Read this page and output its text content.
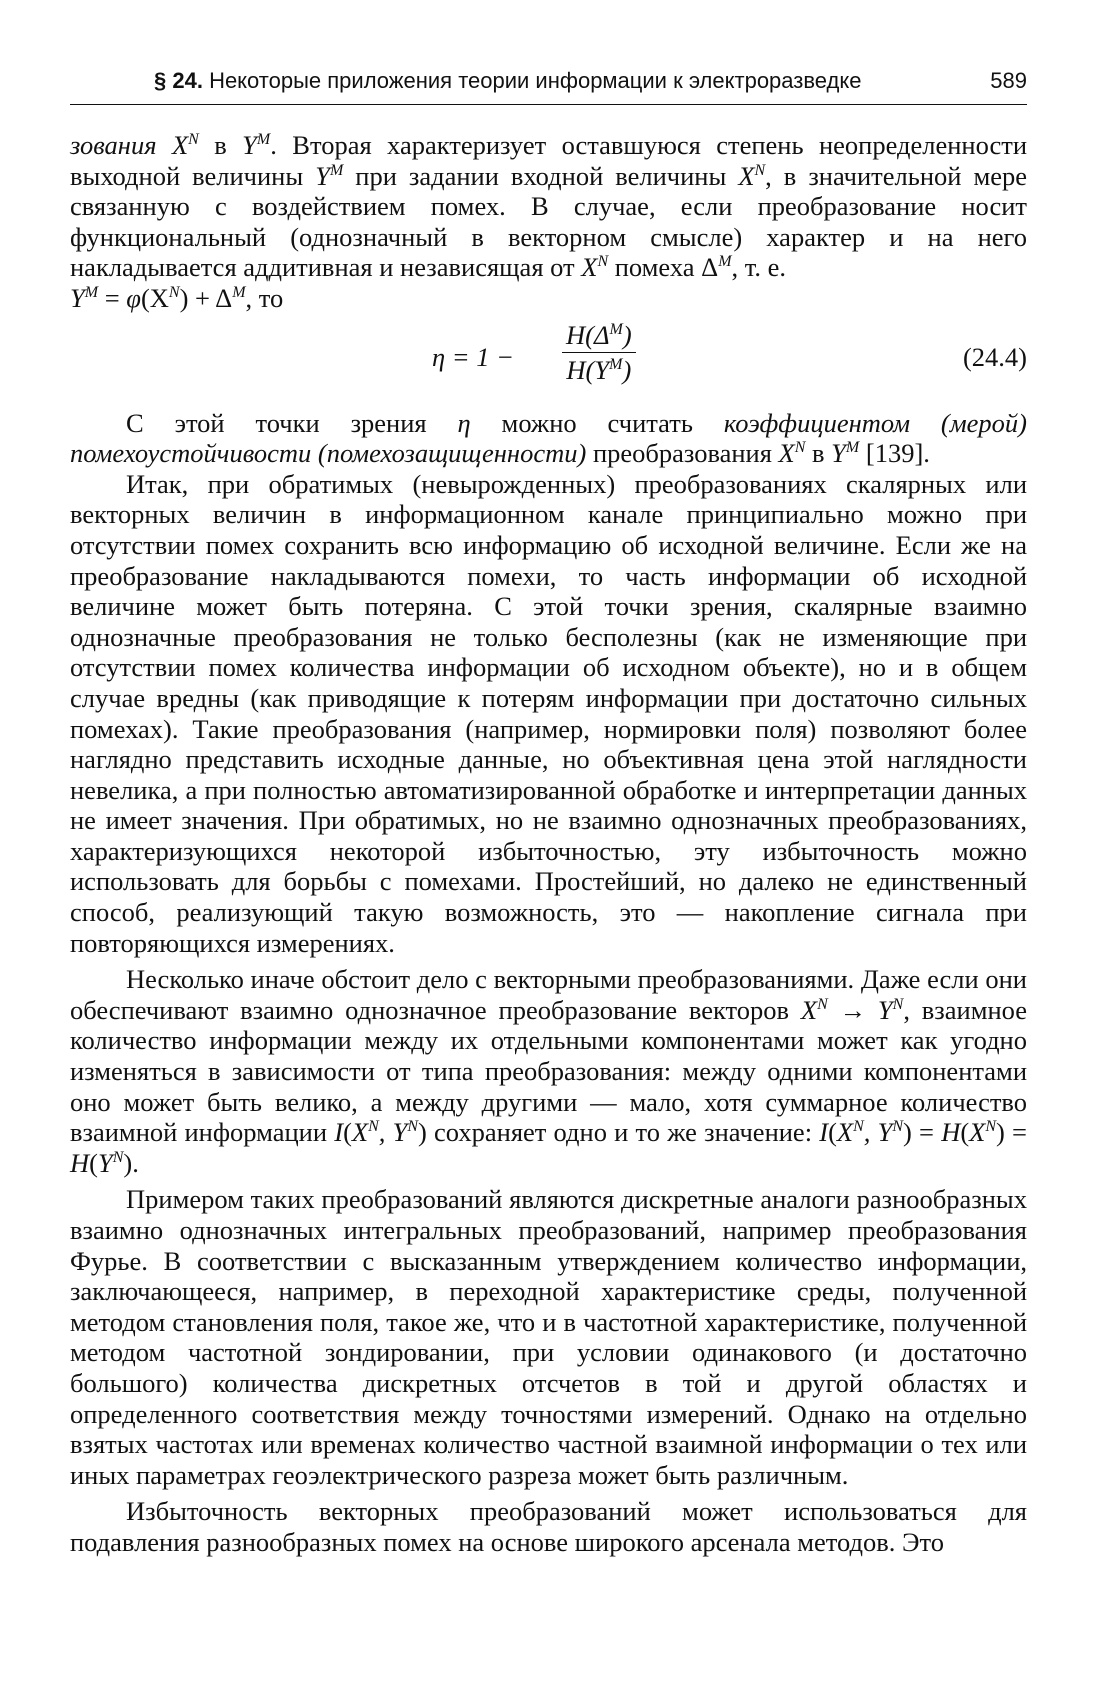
§ 24. Некоторые приложения теории информации к электроразведке	589

зования $X^N$ в $Y^M$. Вторая характеризует оставшуюся степень неопределенности выходной величины $Y^M$ при задании входной величины $X^N$, в значительной мере связанную с воздействием помех. В случае, если преобразование носит функциональный (однозначный в векторном смысле) характер и на него накладывается аддитивная и независящая от $X^N$ помеха $\Delta^M$, т. е.
$Y^M = \varphi(X^N) + \Delta^M$, то

η = 1 −
$H(\Delta^M)$
$H(Y^M)$	(24.4)

С этой точки зрения η можно считать коэффициентом (мерой) помехоустойчивости (помехозащищенности) преобразования $X^N$ в $Y^M$ [139].

Итак, при обратимых (невырожденных) преобразованиях скалярных или векторных величин в информационном канале принципиально можно при отсутствии помех сохранить всю информацию об исходной величине. Если же на преобразование накладываются помехи, то часть информации об исходной величине может быть потеряна. С этой точки зрения, скалярные взаимно однозначные преобразования не только бесполезны (как не изменяющие при отсутствии помех количества информации об исходном объекте), но и в общем случае вредны (как приводящие к потерям информации при достаточно сильных помехах). Такие преобразования (например, нормировки поля) позволяют более наглядно представить исходные данные, но объективная цена этой наглядности невелика, а при полностью автоматизированной обработке и интерпретации данных не имеет значения. При обратимых, но не взаимно однозначных преобразованиях, характеризующихся некоторой избыточностью, эту избыточность можно использовать для борьбы с помехами. Простейший, но далеко не единственный способ, реализующий такую возможность, это — накопление сигнала при повторяющихся измерениях.

Несколько иначе обстоит дело с векторными преобразованиями. Даже если они обеспечивают взаимно однозначное преобразование векторов $X^N \to Y^N$, взаимное количество информации между их отдельными компонентами может как угодно изменяться в зависимости от типа преобразования: между одними компонентами оно может быть велико, а между другими — мало, хотя суммарное количество взаимной информации $I(X^N$, $Y^N$) сохраняет одно и то же значение: $I(X^N$, $Y^N) = H(X^N) = H(Y^N)$.

Примером таких преобразований являются дискретные аналоги разнообразных взаимно однозначных интегральных преобразований, например преобразования Фурье. В соответствии с высказанным утверждением количество информации, заключающееся, например, в переходной характеристике среды, полученной методом становления поля, такое же, что и в частотной характеристике, полученной методом частотной зондировании, при условии одинакового (и достаточно большого) количества дискретных отсчетов в той и другой областях и определенного соответствия между точностями измерений. Однако на отдельно взятых частотах или временах количество частной взаимной информации о тех или иных параметрах геоэлектрического разреза может быть различным.

Избыточность векторных преобразований может использоваться для подавления разнообразных помех на основе широкого арсенала методов. Это
